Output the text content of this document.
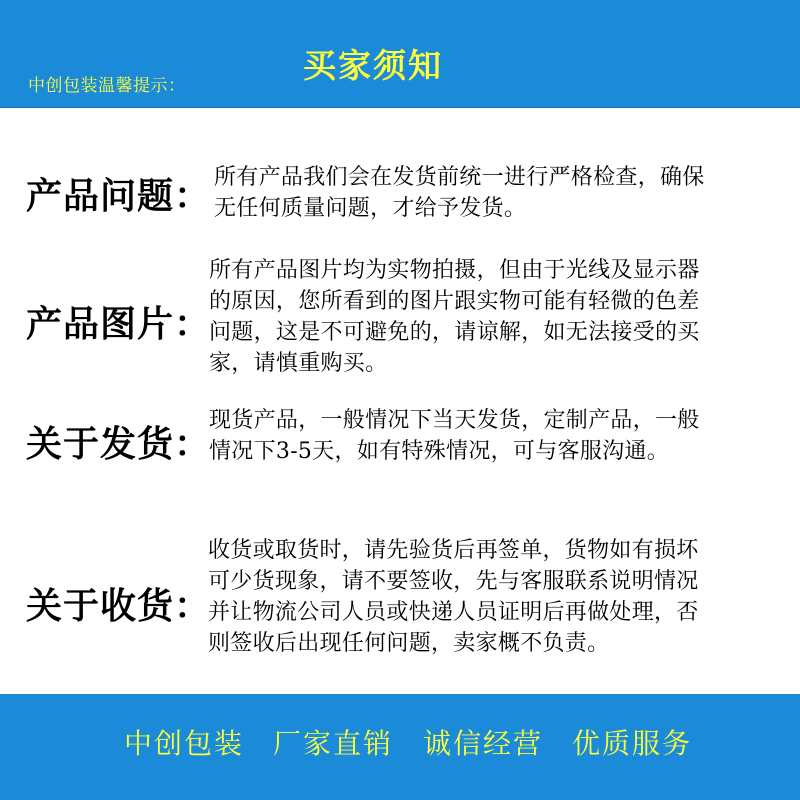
中创包装温馨提示：
买家须知
产品问题： 所有产品我们会在发货前统一进行严格检查，确保
无任何质量问题，才给予发货。
产品图片：
所有产品图片均为实物拍摄，但由于光线及显示器
的原因，您所看到的图片跟实物可能有轻微的色差
问题，这是不可避免的，请谅解，如无法接受的买
家，请慎重购买。
关于发货：
现货产品，一般情况下当天发货，定制产品，一般
情况下3-5天，如有特殊情况，可与客服沟通。
关于收货：
收货或取货时，请先验货后再签单，货物如有损坏
可少货现象，请不要签收，先与客服联系说明情况
并让物流公司人员或快递人员证明后再做处理，否
则签收后出现任何问题，卖家概不负责。
中创包装 厂家直销 诚信经营 优质服务
